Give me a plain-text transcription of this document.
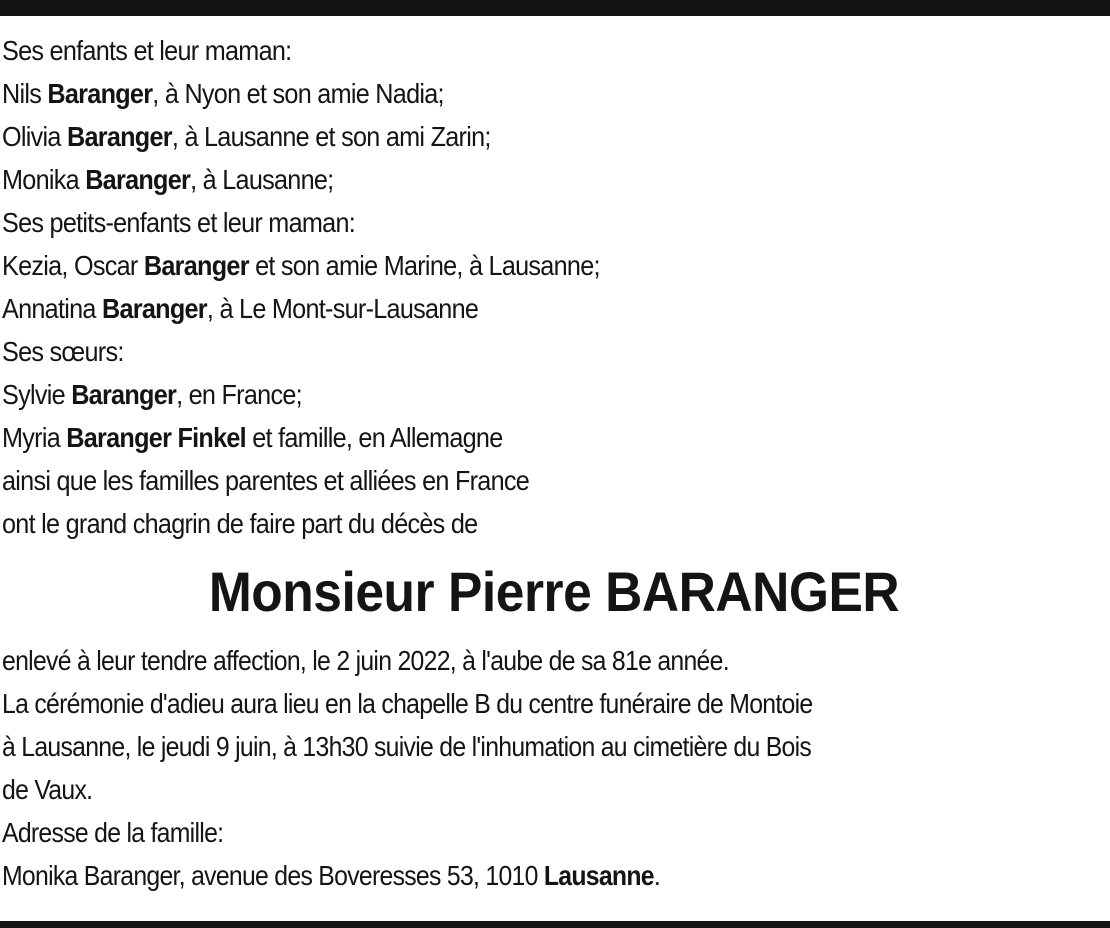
Ses enfants et leur maman:
Nils Baranger, à Nyon et son amie Nadia;
Olivia Baranger, à Lausanne et son ami Zarin;
Monika Baranger, à Lausanne;
Ses petits-enfants et leur maman:
Kezia, Oscar Baranger et son amie Marine, à Lausanne;
Annatina Baranger, à Le Mont-sur-Lausanne
Ses sœurs:
Sylvie Baranger, en France;
Myria Baranger Finkel et famille, en Allemagne
ainsi que les familles parentes et alliées en France
ont le grand chagrin de faire part du décès de
Monsieur Pierre BARANGER
enlevé à leur tendre affection, le 2 juin 2022, à l'aube de sa 81e année.
La cérémonie d'adieu aura lieu en la chapelle B du centre funéraire de Montoie
à Lausanne, le jeudi 9 juin, à 13h30 suivie de l'inhumation au cimetière du Bois
de Vaux.
Adresse de la famille:
Monika Baranger, avenue des Boveresses 53, 1010 Lausanne.
